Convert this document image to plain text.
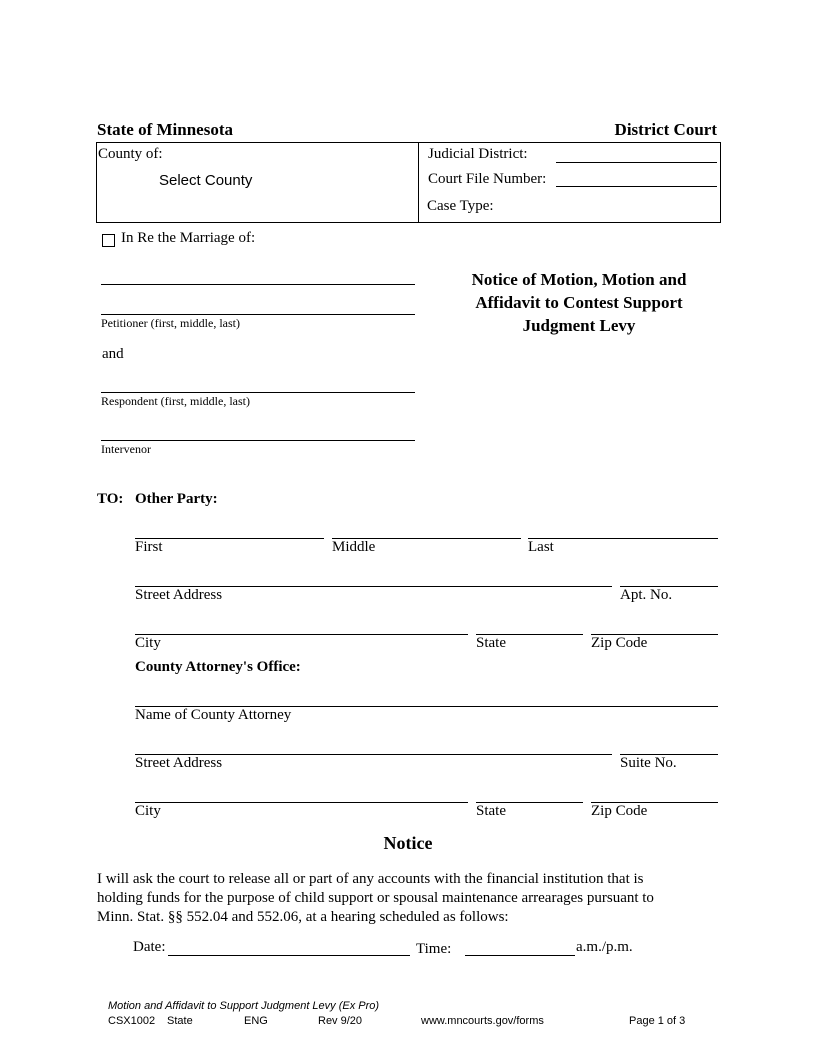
State of Minnesota	District Court
County of:
Select County
Judicial District:
Court File Number:
Case Type:
In Re the Marriage of:
Petitioner (first, middle, last)
and
Respondent (first, middle, last)
Intervenor
Notice of Motion, Motion and
Affidavit to Contest Support
Judgment Levy
TO: Other Party:
First	Middle	Last
Street Address	Apt. No.
City	State	Zip Code
County Attorney's Office:
Name of County Attorney
Street Address	Suite No.
City	State	Zip Code
Notice
I will ask the court to release all or part of any accounts with the financial institution that is
holding funds for the purpose of child support or spousal maintenance arrearages pursuant to
Minn. Stat. §§ 552.04 and 552.06, at a hearing scheduled as follows:
Date:	Time:	a.m./p.m.
Motion and Affidavit to Support Judgment Levy (Ex Pro)
CSX1002 State	ENG	Rev 9/20	www.mncourts.gov/forms	Page 1 of 3
